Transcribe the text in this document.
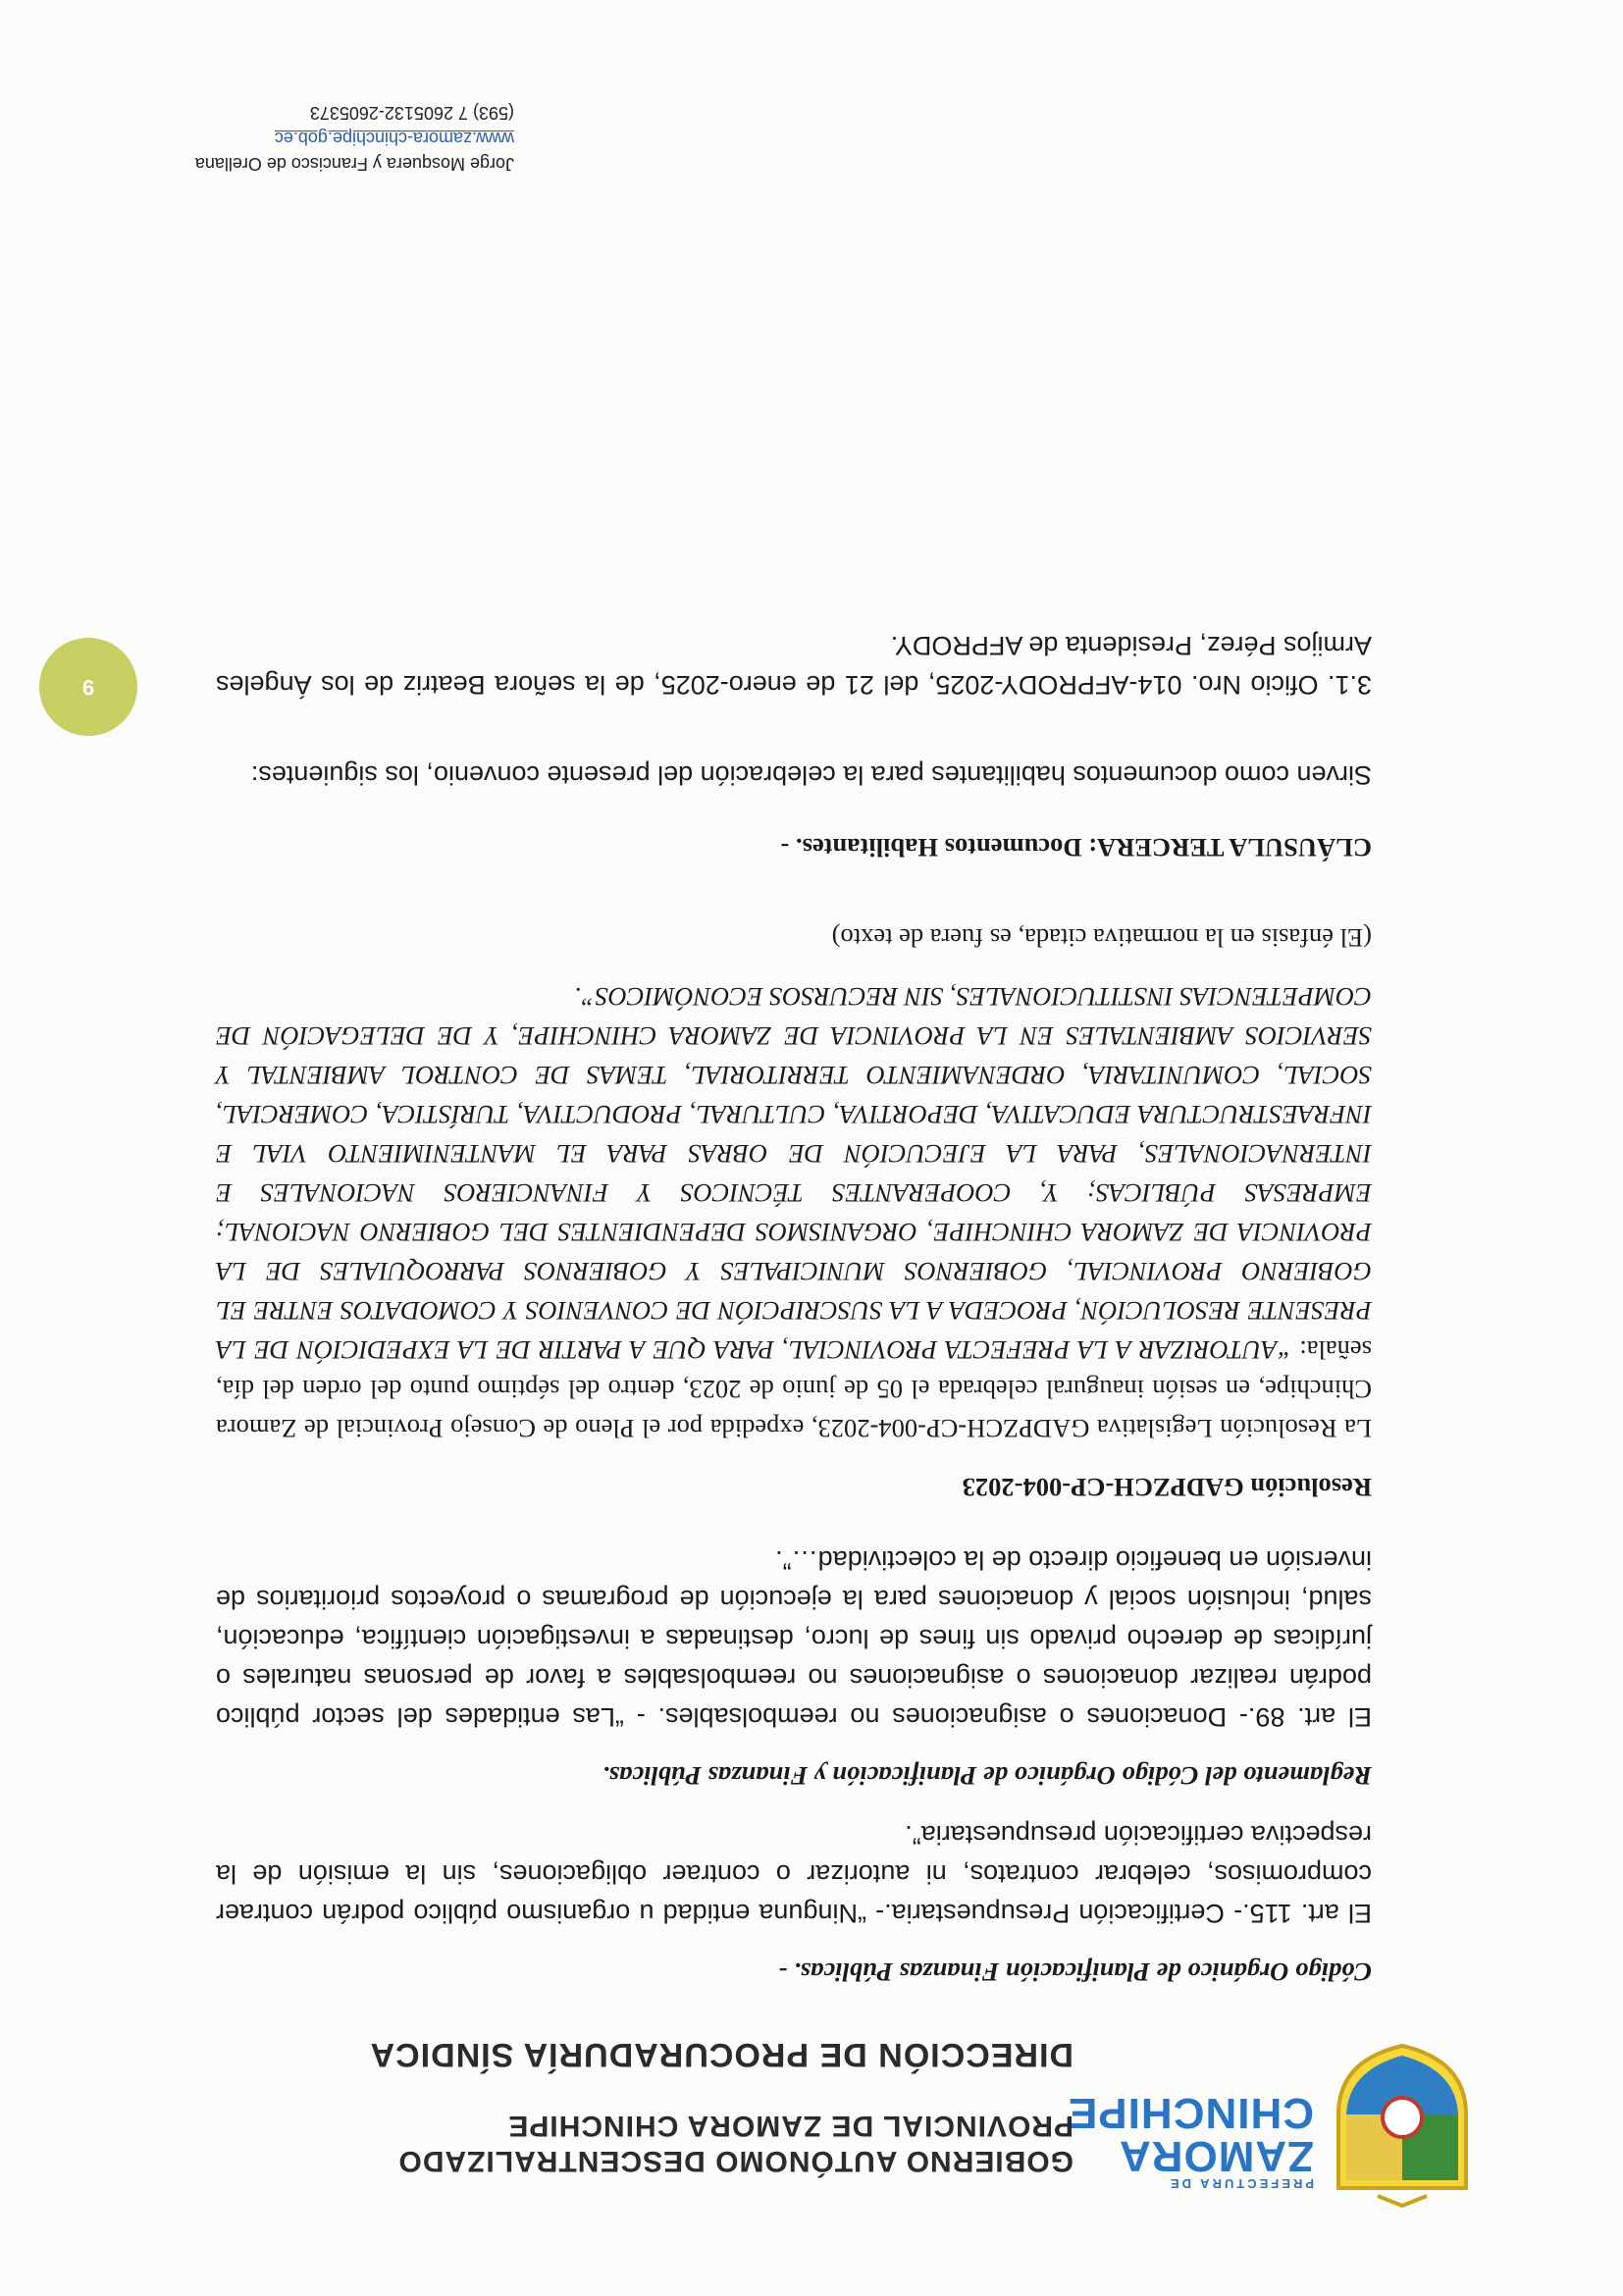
PREFECTURA DE
ZAMORA
CHINCHIPE
GOBIERNO AUTÓNOMO DESCENTRALIZADO
PROVINCIAL DE ZAMORA CHINCHIPE
DIRECCIÓN DE PROCURADURÍA SÍNDICA

Código Orgánico de Planificación Finanzas Públicas. -

El art. 115.- Certificación Presupuestaria.- “Ninguna entidad u organismo público podrán contraer compromisos, celebrar contratos, ni autorizar o contraer obligaciones, sin la emisión de la respectiva certificación presupuestaria”.

Reglamento del Código Orgánico de Planificación y Finanzas Públicas.

El art. 89.- Donaciones o asignaciones no reembolsables. - “Las entidades del sector público podrán realizar donaciones o asignaciones no reembolsables a favor de personas naturales o jurídicas de derecho privado sin fines de lucro, destinadas a investigación científica, educación, salud, inclusión social y donaciones para la ejecución de programas o proyectos prioritarios de inversión en beneficio directo de la colectividad…”.

Resolución GADPZCH-CP-004-2023

La Resolución Legislativa GADPZCH-CP-004-2023, expedida por el Pleno de Consejo Provincial de Zamora Chinchipe, en sesión inaugural celebrada el 05 de junio de 2023, dentro del séptimo punto del orden del día, señala: “AUTORIZAR A LA PREFECTA PROVINCIAL, PARA QUE A PARTIR DE LA EXPEDICIÓN DE LA PRESENTE RESOLUCIÓN, PROCEDA A LA SUSCRIPCIÓN DE CONVENIOS Y COMODATOS ENTRE EL GOBIERNO PROVINCIAL, GOBIERNOS MUNICIPALES Y GOBIERNOS PARROQUIALES DE LA PROVINCIA DE ZAMORA CHINCHIPE, ORGANISMOS DEPENDIENTES DEL GOBIERNO NACIONAL; EMPRESAS PÚBLICAS; Y, COOPERANTES TÉCNICOS Y FINANCIEROS NACIONALES E INTERNACIONALES, PARA LA EJECUCIÓN DE OBRAS PARA EL MANTENIMIENTO VIAL E INFRAESTRUCTURA EDUCATIVA, DEPORTIVA, CULTURAL, PRODUCTIVA, TURÍSTICA, COMERCIAL, SOCIAL, COMUNITARIA, ORDENAMIENTO TERRITORIAL, TEMAS DE CONTROL AMBIENTAL Y SERVICIOS AMBIENTALES EN LA PROVINCIA DE ZAMORA CHINCHIPE, Y DE DELEGACIÓN DE COMPETENCIAS INSTITUCIONALES, SIN RECURSOS ECONÓMICOS”.

(El énfasis en la normativa citada, es fuera de texto)

CLÁUSULA TERCERA: Documentos Habilitantes. -

Sirven como documentos habilitantes para la celebración del presente convenio, los siguientes:

3.1. Oficio Nro. 014-AFPRODY-2025, del 21 de enero-2025, de la señora Beatriz de los Ángeles Armijos Pérez, Presidenta de AFPRODY.

9
Jorge Mosquera y Francisco de Orellana
www.zamora-chinchipe.gob.ec
(593) 7 2605132-2605373
